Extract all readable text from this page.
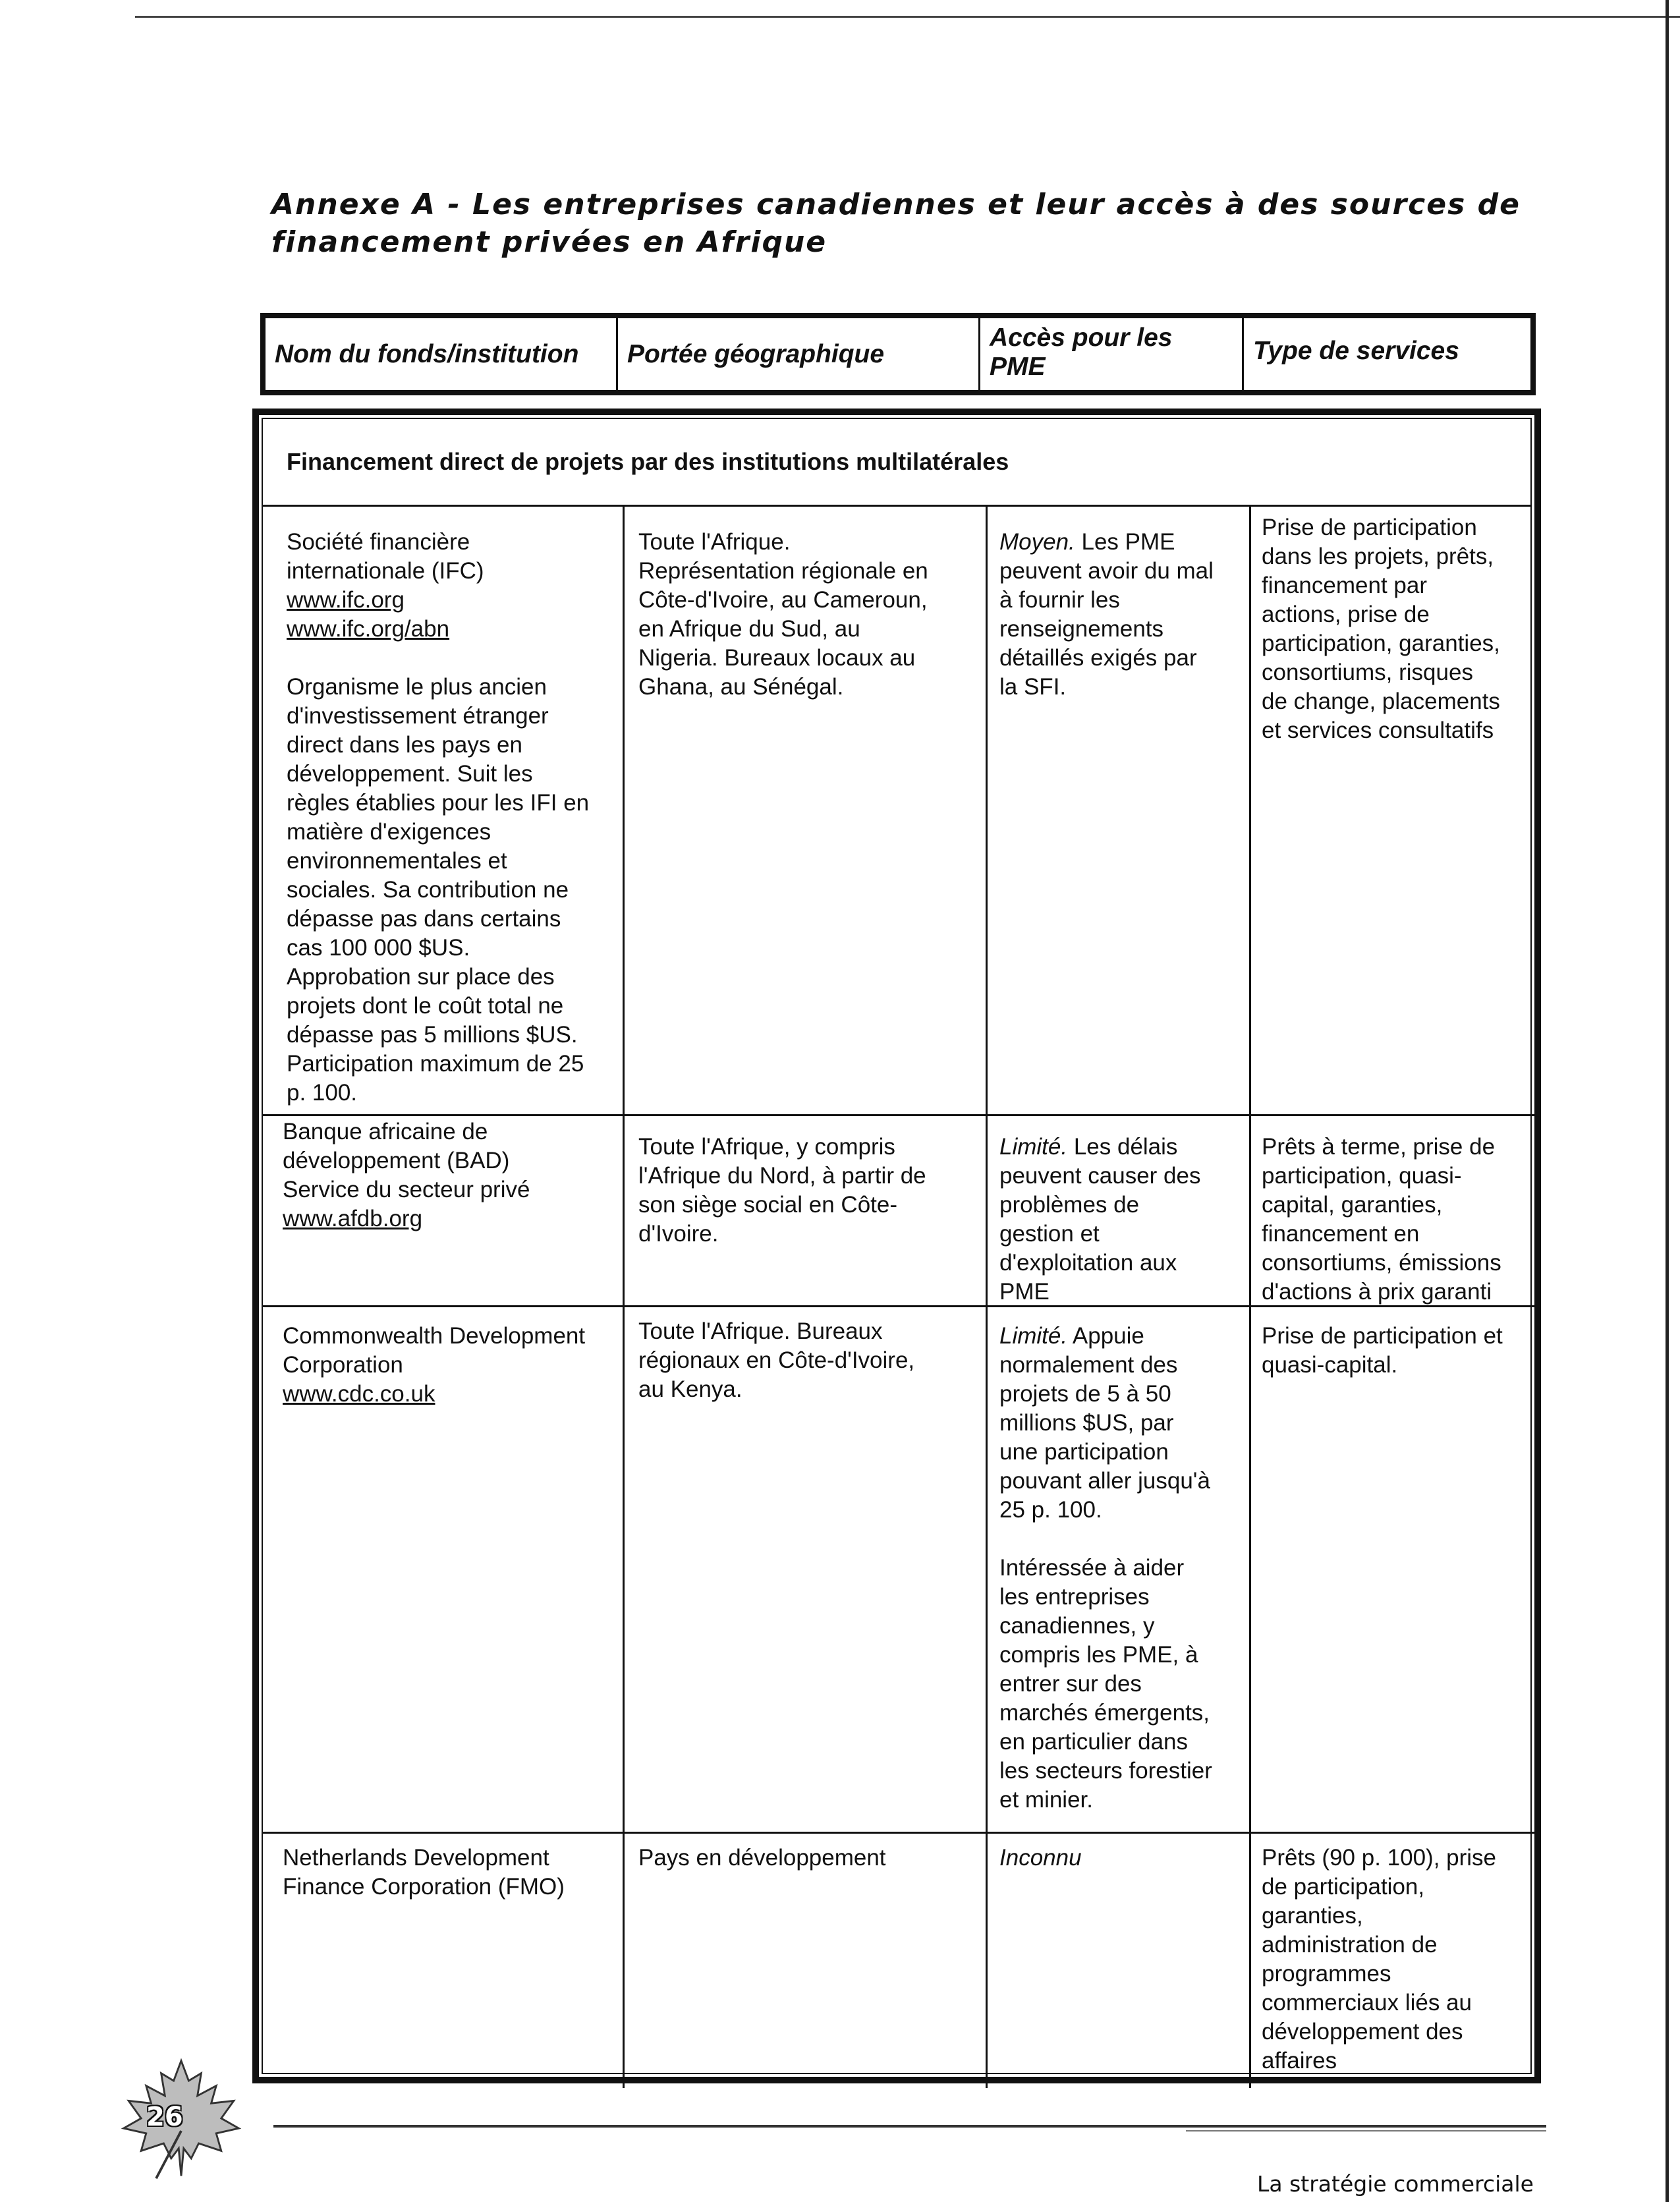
Annexe A - Les entreprises canadiennes et leur accès à des sources de
financement privées en Afrique
Nom du fonds/institution Portée géographique
Accès pour les
PME
Type de services
Financement direct de projets par des institutions multilatérales
Société financière
internationale (IFC)
www.ifc.org
www.ifc.org/abn
Organisme le plus ancien
d'investissement étranger
direct dans les pays en
développement. Suit les
règles établies pour les IFI en
matière d'exigences
environnementales et
sociales. Sa contribution ne
dépasse pas dans certains
cas 100 000 $US.
Approbation sur place des
projets dont le coût total ne
dépasse pas 5 millions $US.
Participation maximum de 25
p. 100.
Toute l'Afrique.
Représentation régionale en
Côte-d'Ivoire, au Cameroun,
en Afrique du Sud, au
Nigeria. Bureaux locaux au
Ghana, au Sénégal.
Moyen. Les PME
peuvent avoir du mal
à fournir les
renseignements
détaillés exigés par
la SFI.
Prise de participation
dans les projets, prêts,
financement par
actions, prise de
participation, garanties,
consortiums, risques
de change, placements
et services consultatifs
Banque africaine de
développement (BAD)
Service du secteur privé
www.afdb.org
Toute l'Afrique, y compris
l'Afrique du Nord, à partir de
son siège social en Côte-
d'Ivoire.
Limité. Les délais
peuvent causer des
problèmes de
gestion et
d'exploitation aux
PME
Prêts à terme, prise de
participation, quasi-
capital, garanties,
financement en
consortiums, émissions
d'actions à prix garanti
Commonwealth Development
Corporation
www.cdc.co.uk
Toute l'Afrique. Bureaux
régionaux en Côte-d'Ivoire,
au Kenya.
Limité. Appuie
normalement des
projets de 5 à 50
millions $US, par
une participation
pouvant aller jusqu'à
25 p. 100.
Intéressée à aider
les entreprises
canadiennes, y
compris les PME, à
entrer sur des
marchés émergents,
en particulier dans
les secteurs forestier
et minier.
Prise de participation et
quasi-capital.
Netherlands Development
Finance Corporation (FMO)
Pays en développement	Inconnu	Prêts (90 p. 100), prise
de participation,
garanties,
administration de
programmes
commerciaux liés au
développement des
affaires
26
La stratégie commerciale
